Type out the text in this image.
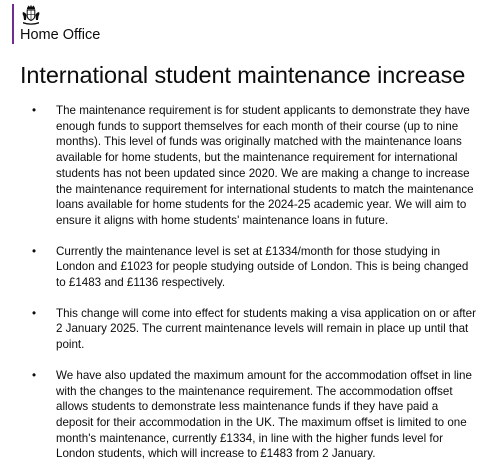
Home Office
International student maintenance increase
• The maintenance requirement is for student applicants to demonstrate they have enough funds to support themselves for each month of their course (up to nine months). This level of funds was originally matched with the maintenance loans available for home students, but the maintenance requirement for international students has not been updated since 2020. We are making a change to increase the maintenance requirement for international students to match the maintenance loans available for home students for the 2024-25 academic year. We will aim to ensure it aligns with home students' maintenance loans in future.
• Currently the maintenance level is set at £1334/month for those studying in London and £1023 for people studying outside of London. This is being changed to £1483 and £1136 respectively.
• This change will come into effect for students making a visa application on or after 2 January 2025. The current maintenance levels will remain in place up until that point.
• We have also updated the maximum amount for the accommodation offset in line with the changes to the maintenance requirement. The accommodation offset allows students to demonstrate less maintenance funds if they have paid a deposit for their accommodation in the UK. The maximum offset is limited to one month's maintenance, currently £1334, in line with the higher funds level for London students, which will increase to £1483 from 2 January.
